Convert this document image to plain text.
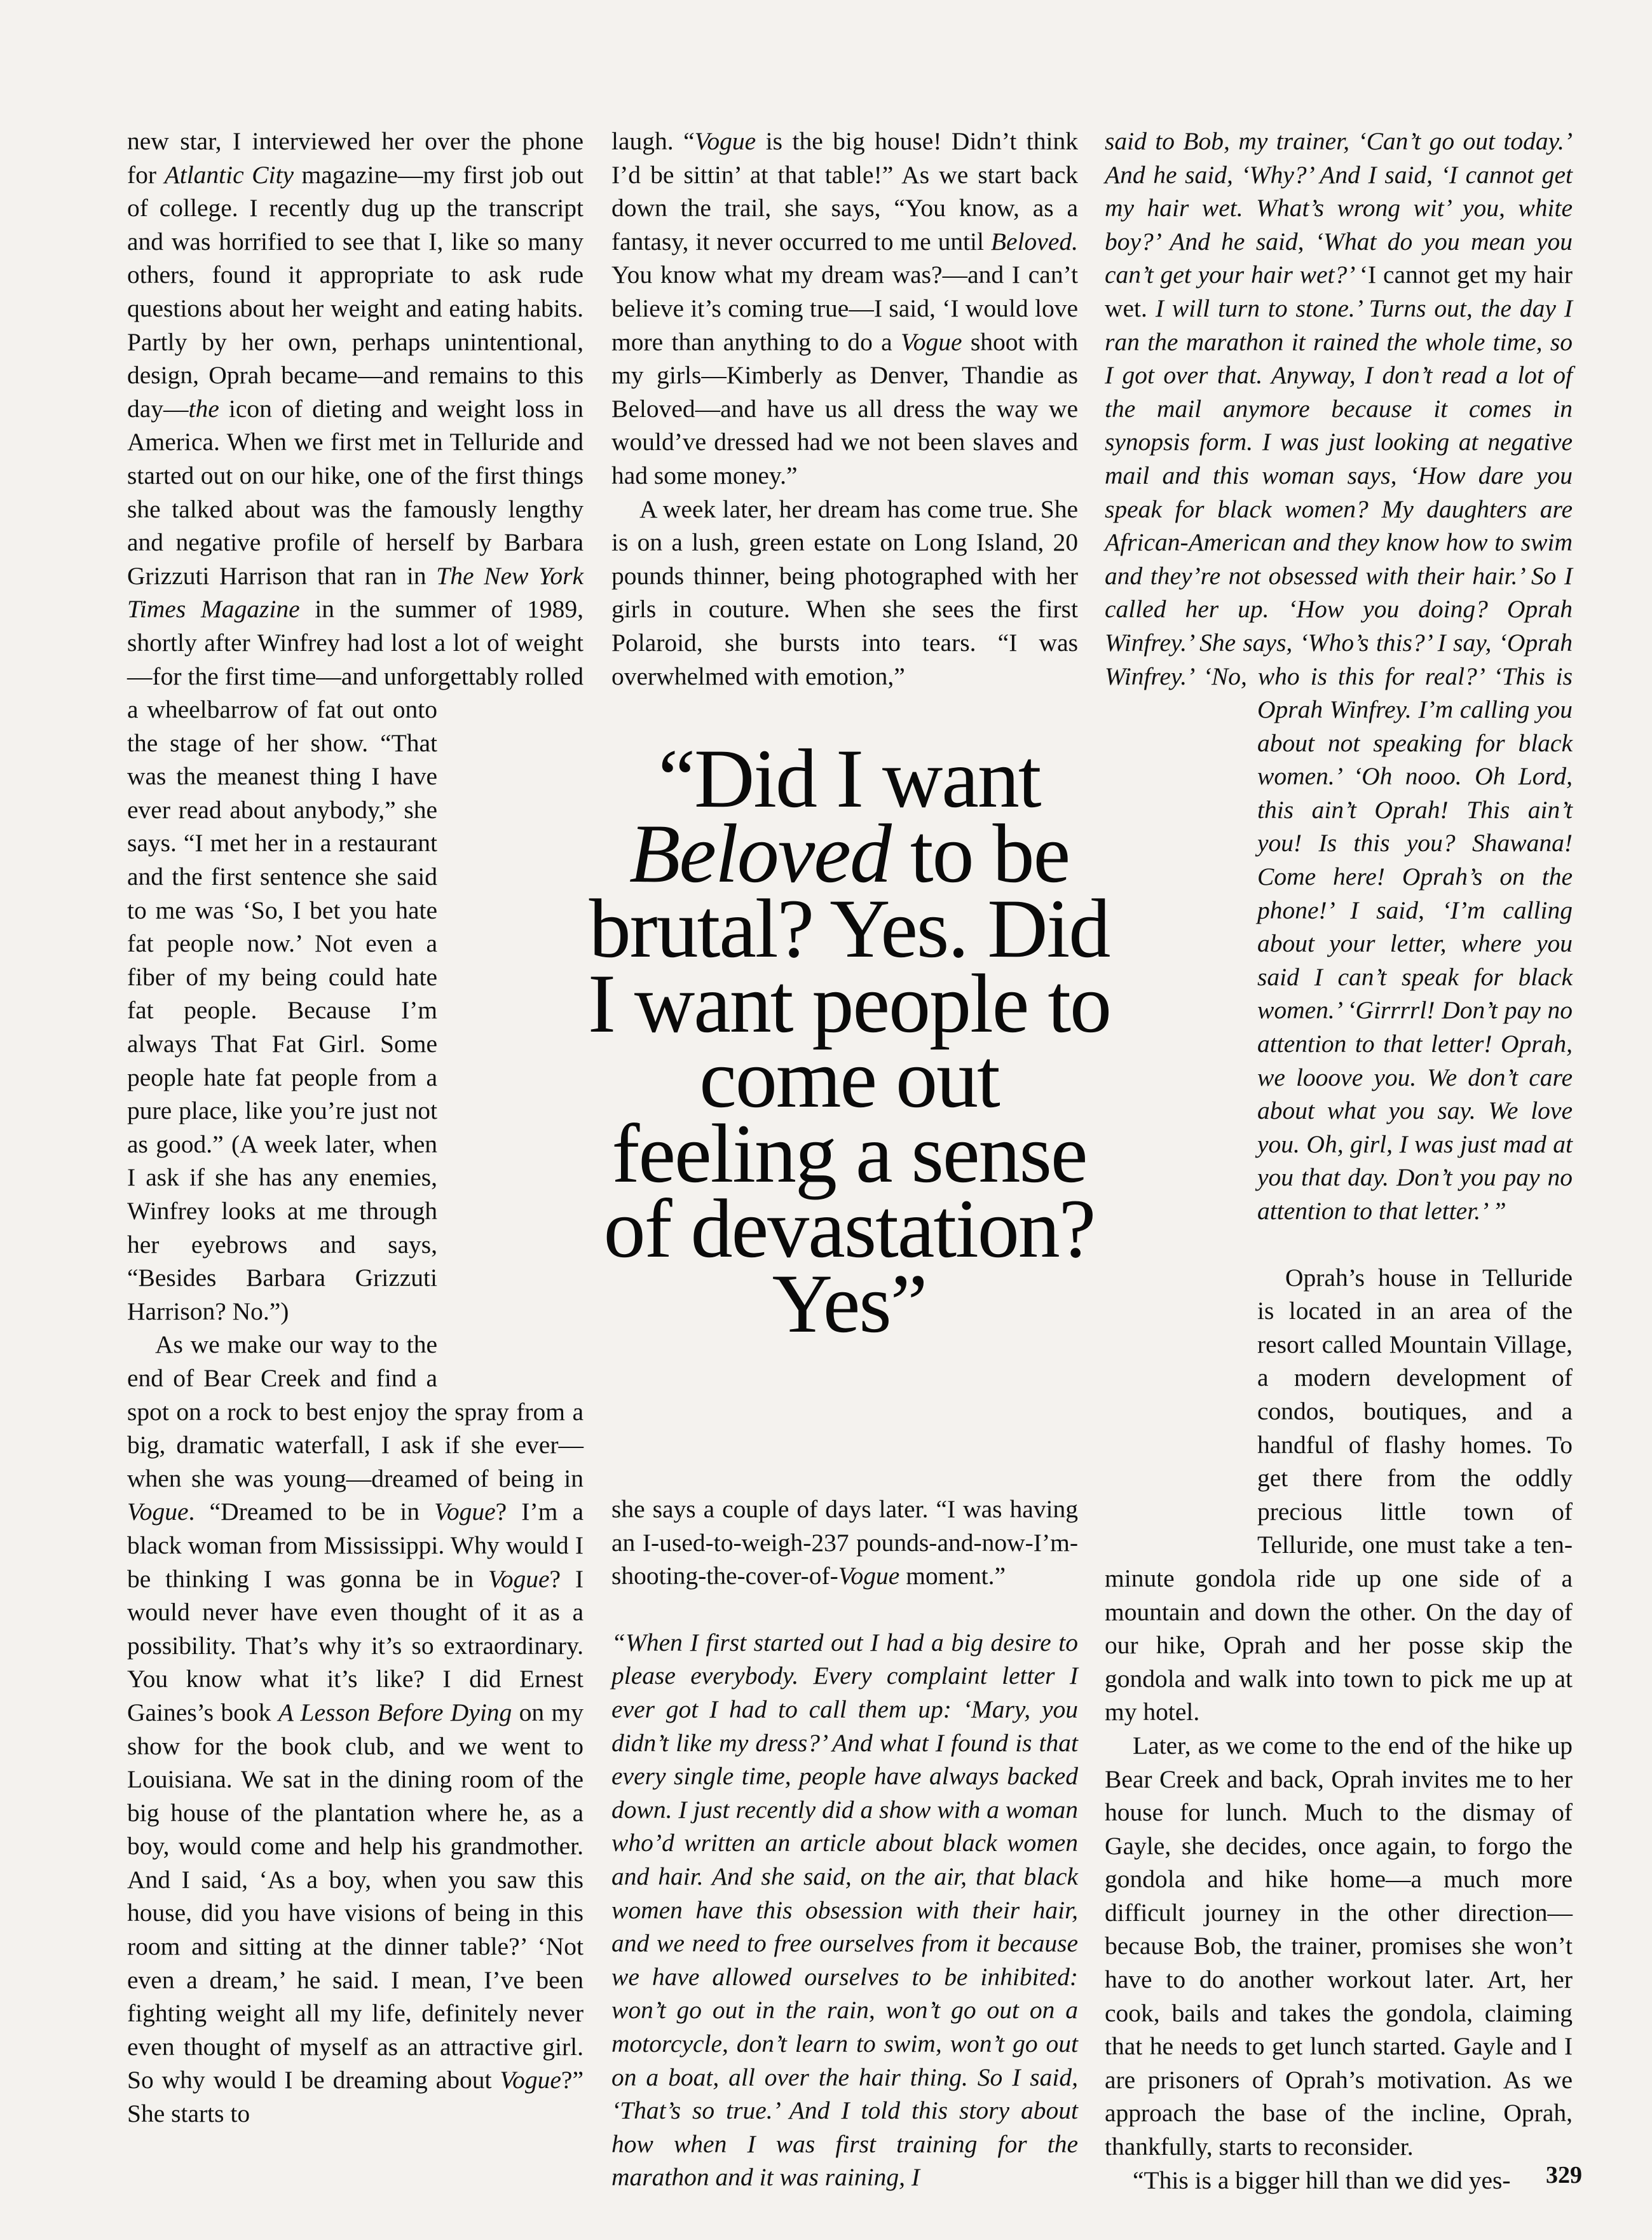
new star, I interviewed her over the phone for Atlantic City magazine—my first job out of college. I recently dug up the transcript and was horrified to see that I, like so many others, found it appropriate to ask rude questions about her weight and eating habits. Partly by her own, perhaps unintentional, design, Oprah became—and remains to this day—the icon of dieting and weight loss in America. When we first met in Telluride and started out on our hike, one of the first things she talked about was the famously lengthy and negative profile of herself by Barbara Grizzuti Harrison that ran in The New York Times Magazine in the summer of 1989, shortly after Winfrey had lost a lot of weight—for the first time—and unforgettably rolled a wheelbarrow of fat out onto the stage of her show. “That was the meanest thing I have ever read about anybody,” she says. “I met her in a restaurant and the first sentence she said to me was ‘So, I bet you hate fat people now.’ Not even a fiber of my being could hate fat people. Because I’m always That Fat Girl. Some people hate fat people from a pure place, like you’re just not as good.” (A week later, when I ask if she has any enemies, Winfrey looks at me through her eyebrows and says, “Besides Barbara Grizzuti Harrison? No.”)

As we make our way to the end of Bear Creek and find a spot on a rock to best enjoy the spray from a big, dramatic waterfall, I ask if she ever—when she was young—dreamed of being in Vogue. “Dreamed to be in Vogue? I’m a black woman from Mississippi. Why would I be thinking I was gonna be in Vogue? I would never have even thought of it as a possibility. That’s why it’s so extraordinary. You know what it’s like? I did Ernest Gaines’s book A Lesson Before Dying on my show for the book club, and we went to Louisiana. We sat in the dining room of the big house of the plantation where he, as a boy, would come and help his grandmother. And I said, ‘As a boy, when you saw this house, did you have visions of being in this room and sitting at the dinner table?’ ‘Not even a dream,’ he said. I mean, I’ve been fighting weight all my life, definitely never even thought of myself as an attractive girl. So why would I be dreaming about Vogue?” She starts to

laugh. “Vogue is the big house! Didn’t think I’d be sittin’ at that table!” As we start back down the trail, she says, “You know, as a fantasy, it never occurred to me until Beloved. You know what my dream was?—and I can’t believe it’s coming true—I said, ‘I would love more than anything to do a Vogue shoot with my girls—Kimberly as Denver, Thandie as Beloved—and have us all dress the way we would’ve dressed had we not been slaves and had some money.”

A week later, her dream has come true. She is on a lush, green estate on Long Island, 20 pounds thinner, being photographed with her girls in couture. When she sees the first Polaroid, she bursts into tears. “I was overwhelmed with emotion,”

she says a couple of days later. “I was having an I-used-to-weigh-237 pounds-and-now-I’m-shooting-the-cover-of-Vogue moment.”

“When I first started out I had a big desire to please everybody. Every complaint letter I ever got I had to call them up: ‘Mary, you didn’t like my dress?’ And what I found is that every single time, people have always backed down. I just recently did a show with a woman who’d written an article about black women and hair. And she said, on the air, that black women have this obsession with their hair, and we need to free ourselves from it because we have allowed ourselves to be inhibited: won’t go out in the rain, won’t go out on a motorcycle, don’t learn to swim, won’t go out on a boat, all over the hair thing. So I said, ‘That’s so true.’ And I told this story about how when I was first training for the marathon and it was raining, I

said to Bob, my trainer, ‘Can’t go out today.’ And he said, ‘Why?’ And I said, ‘I cannot get my hair wet. What’s wrong wit’ you, white boy?’ And he said, ‘What do you mean you can’t get your hair wet?’ ‘I cannot get my hair wet. I will turn to stone.’ Turns out, the day I ran the marathon it rained the whole time, so I got over that. Anyway, I don’t read a lot of the mail anymore because it comes in synopsis form. I was just looking at negative mail and this woman says, ‘How dare you speak for black women? My daughters are African-American and they know how to swim and they’re not obsessed with their hair.’ So I called her up. ‘How you doing? Oprah Winfrey.’ She says, ‘Who’s this?’ I say, ‘Oprah Winfrey.’ ‘No, who is this for real?’ ‘This is Oprah Winfrey. I’m calling you about not speaking for black women.’ ‘Oh nooo. Oh Lord, this ain’t Oprah! This ain’t you! Is this you? Shawana! Come here! Oprah’s on the phone!’ I said, ‘I’m calling about your letter, where you said I can’t speak for black women.’ ‘Girrrrl! Don’t pay no attention to that letter! Oprah, we looove you. We don’t care about what you say. We love you. Oh, girl, I was just mad at you that day. Don’t you pay no attention to that letter.’ ”

Oprah’s house in Telluride is located in an area of the resort called Mountain Village, a modern development of condos, boutiques, and a handful of flashy homes. To get there from the oddly precious little town of Telluride, one must take a ten-minute gondola ride up one side of a mountain and down the other. On the day of our hike, Oprah and her posse skip the gondola and walk into town to pick me up at my hotel.

Later, as we come to the end of the hike up Bear Creek and back, Oprah invites me to her house for lunch. Much to the dismay of Gayle, she decides, once again, to forgo the gondola and hike home—a much more difficult journey in the other direction—because Bob, the trainer, promises she won’t have to do another workout later. Art, her cook, bails and takes the gondola, claiming that he needs to get lunch started. Gayle and I are prisoners of Oprah’s motivation. As we approach the base of the incline, Oprah, thankfully, starts to reconsider.

“This is a bigger hill than we did yes-

“Did I want
Beloved to be
brutal? Yes. Did
I want people to
come out
feeling a sense
of devastation?
Yes”
329
